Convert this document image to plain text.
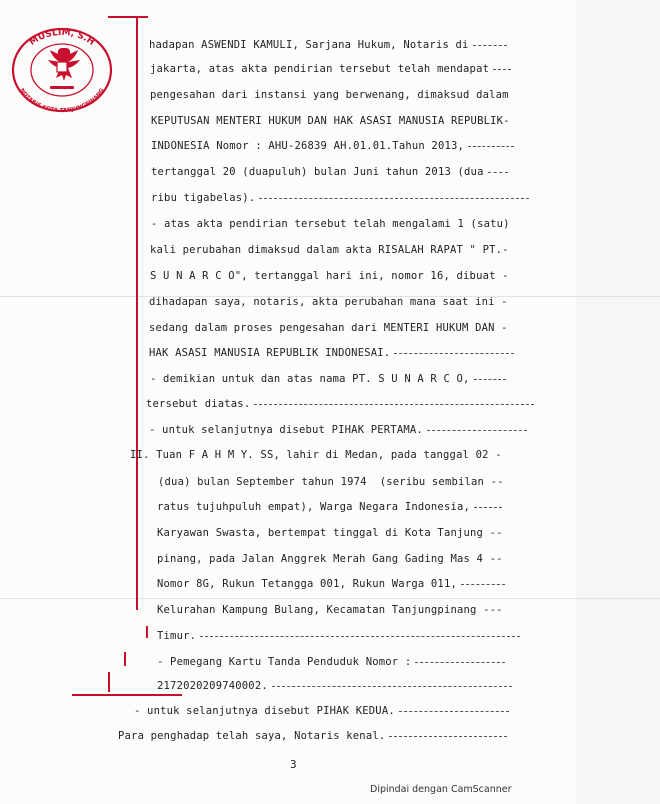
MUSLIM, S.H
NOTARIS KOTA TANJUNGPINANG
hadapan ASWENDI KAMULI, Sarjana Hukum, Notaris di
jakarta, atas akta pendirian tersebut telah mendapat
pengesahan dari instansi yang berwenang, dimaksud dalam
KEPUTUSAN MENTERI HUKUM DAN HAK ASASI MANUSIA REPUBLIK-
INDONESIA Nomor : AHU-26839 AH.01.01.Tahun 2013,
tertanggal 20 (duapuluh) bulan Juni tahun 2013 (dua
ribu tigabelas).
- atas akta pendirian tersebut telah mengalami 1 (satu)
kali perubahan dimaksud dalam akta RISALAH RAPAT " PT.-
S U N A R C O", tertanggal hari ini, nomor 16, dibuat -
dihadapan saya, notaris, akta perubahan mana saat ini -
sedang dalam proses pengesahan dari MENTERI HUKUM DAN -
HAK ASASI MANUSIA REPUBLIK INDONESAI.
- demikian untuk dan atas nama PT. S U N A R C O,
tersebut diatas.
- untuk selanjutnya disebut PIHAK PERTAMA.
II. Tuan F A H M Y. SS, lahir di Medan, pada tanggal 02 -
(dua) bulan September tahun 1974  (seribu sembilan --
ratus tujuhpuluh empat), Warga Negara Indonesia,
Karyawan Swasta, bertempat tinggal di Kota Tanjung --
pinang, pada Jalan Anggrek Merah Gang Gading Mas 4 --
Nomor 8G, Rukun Tetangga 001, Rukun Warga 011,
Kelurahan Kampung Bulang, Kecamatan Tanjungpinang ---
Timur.
- Pemegang Kartu Tanda Penduduk Nomor :
2172020209740002.
- untuk selanjutnya disebut PIHAK KEDUA.
Para penghadap telah saya, Notaris kenal.
3
Dipindai dengan CamScanner
